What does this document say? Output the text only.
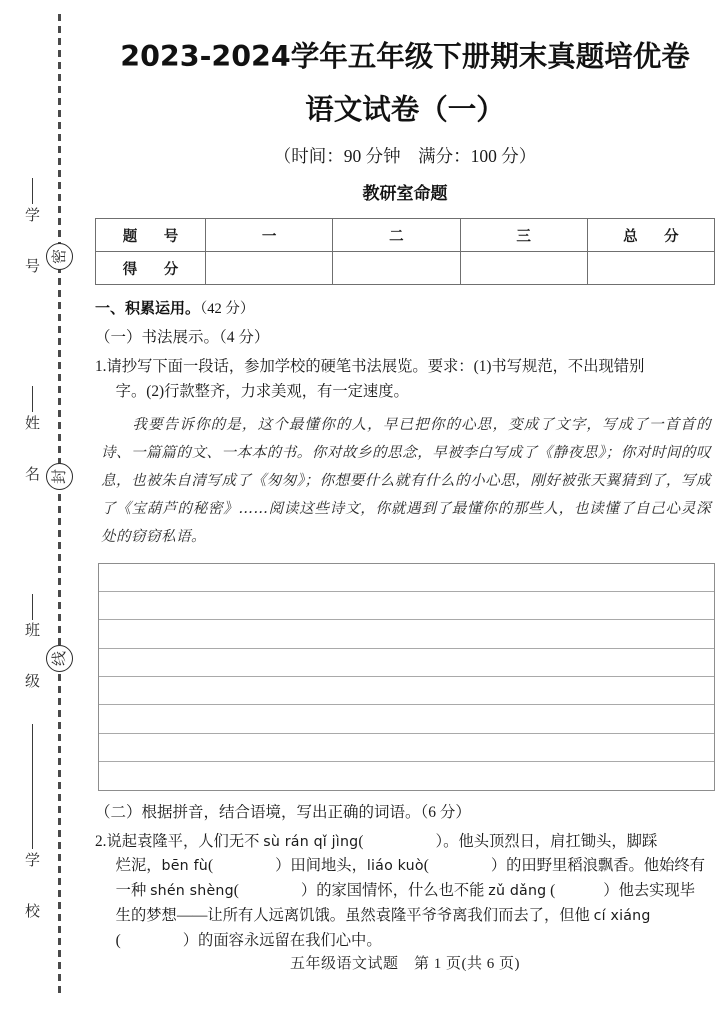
学 号
姓 名
班 级
学 校
密
封
线
2023-2024学年五年级下册期末真题培优卷
语文试卷（一）

（时间：90 分钟　满分：100 分）

教研室命题

题　号	一	二	三	总　分
得　分				

一、积累运用。（42 分）

（一）书法展示。（4 分）

1.请抄写下面一段话，参加学校的硬笔书法展览。要求：(1)书写规范，不出现错别

字。(2)行款整齐，力求美观，有一定速度。

我要告诉你的是，这个最懂你的人，早已把你的心思，变成了文字，写成了一首首的诗、一篇篇的文、一本本的书。你对故乡的思念，早被李白写成了《静夜思》；你对时间的叹息，也被朱自清写成了《匆匆》；你想要什么就有什么的小心思，刚好被张天翼猜到了，写成了《宝葫芦的秘密》……阅读这些诗文，你就遇到了最懂你的那些人，也读懂了自己心灵深处的窃窃私语。

（二）根据拼音，结合语境，写出正确的词语。（6 分）

2.说起袁隆平，人们无不 sù rán qǐ jìng(	）。他头顶烈日，肩扛锄头，脚踩

烂泥，bēn fù(	）田间地头，liáo kuò(	）的田野里稻浪飘香。他始终有

一种 shén shèng(	）的家国情怀，什么也不能 zǔ dǎng (	）他去实现毕

生的梦想——让所有人远离饥饿。虽然袁隆平爷爷离我们而去了，但他 cí xiáng

(	）的面容永远留在我们心中。

五年级语文试题　第 1 页(共 6 页)
